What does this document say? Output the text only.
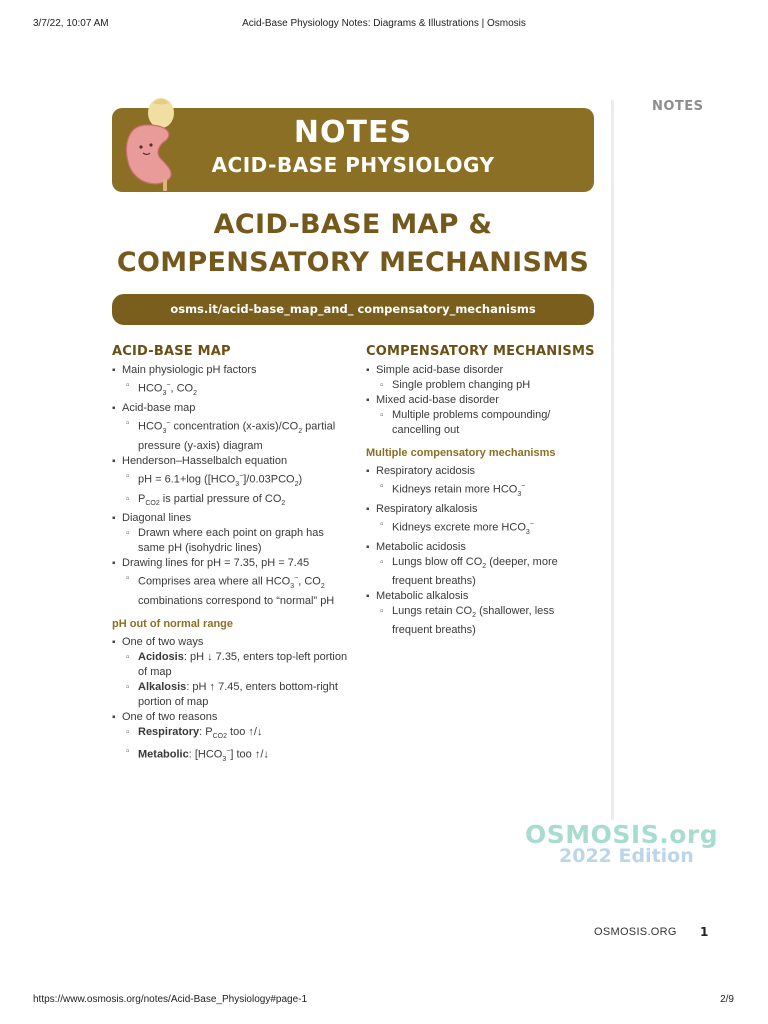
3/7/22, 10:07 AM	Acid-Base Physiology Notes: Diagrams & Illustrations | Osmosis
https://www.osmosis.org/notes/Acid-Base_Physiology#page-1	2/9
NOTES
NOTES
ACID-BASE PHYSIOLOGY
ACID-BASE MAP &
COMPENSATORY MECHANISMS
osms.it/acid-base_map_and_ compensatory_mechanisms
ACID-BASE MAP
▪ Main physiologic pH factors
▫ $HCO_3^-$, $CO_2$
▪ Acid-base map
▫ $HCO_3^-$ concentration $(x-axis)/CO_2$ partial pressure (y-axis) diagram
▪ Henderson–Hasselbalch equation
▫ pH = 6.1+log $([HCO_3^-]/0.03PCO_2)$
▫ $P_{CO2}$ is partial pressure of $CO_2$
▪ Diagonal lines
▫ Drawn where each point on graph has same pH (isohydric lines)
▪ Drawing lines for pH = 7.35, pH = 7.45
▫ Comprises area where all $HCO_3^-$, $CO_2$ combinations correspond to “normal” pH
pH out of normal range
▪ One of two ways
▫ Acidosis: pH ↓ 7.35, enters top-left portion of map
▫ Alkalosis: pH ↑ 7.45, enters bottom-right portion of map
▪ One of two reasons
▫ Respiratory: $P_{CO2}$ too ↑/↓
▫ Metabolic: $[HCO_3^-]$ too ↑/↓
COMPENSATORY MECHANISMS
▪ Simple acid-base disorder
▫ Single problem changing pH
▪ Mixed acid-base disorder
▫ Multiple problems compounding/ cancelling out
Multiple compensatory mechanisms
▪ Respiratory acidosis
▫ Kidneys retain more $HCO_3^-$
▪ Respiratory alkalosis
▫ Kidneys excrete more $HCO_3^-$
▪ Metabolic acidosis
▫ Lungs blow off $CO_2$ (deeper, more frequent breaths)
▪ Metabolic alkalosis
▫ Lungs retain $CO_2$ (shallower, less frequent breaths)
OSMOSIS.org
2022 Edition
OSMOSIS.ORG 1
